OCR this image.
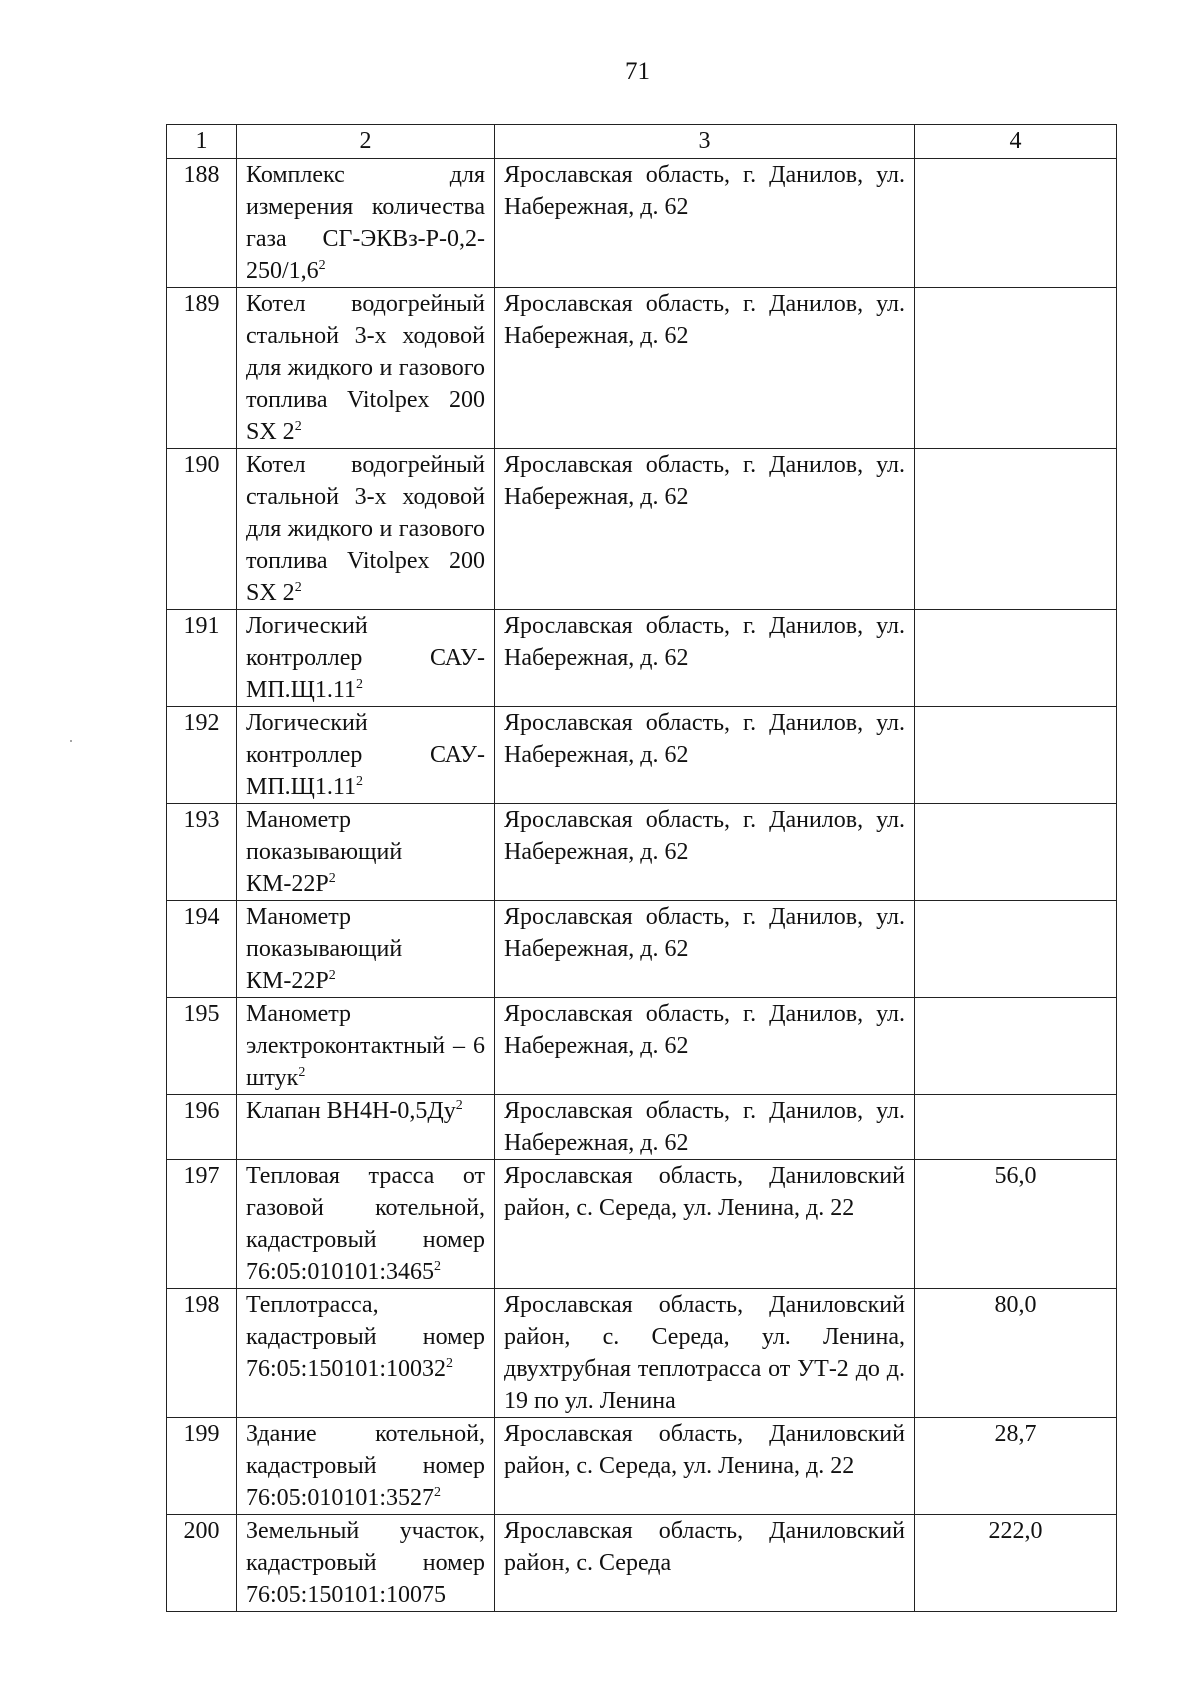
71
1	2	3	4
188	Комплекс для измерения количества газа $СГ-ЭКВз-Р-0,2-250/1,6^2$	Ярославская область, г. Данилов, ул. Набережная, д. 62	
189	Котел водогрейный стальной 3-х ходовой для жидкого и газового топлива Vitolpex 200 SX $2^2$	Ярославская область, г. Данилов, ул. Набережная, д. 62	
190	Котел водогрейный стальной 3-х ходовой для жидкого и газового топлива Vitolpex 200 SX $2^2$	Ярославская область, г. Данилов, ул. Набережная, д. 62	
191	Логический контроллер САУ-МП.Щ1.11$^2$	Ярославская область, г. Данилов, ул. Набережная, д. 62	
192	Логический контроллер САУ-МП.Щ1.11$^2$	Ярославская область, г. Данилов, ул. Набережная, д. 62	
193	Манометр показывающий $КМ-22Р^2$	Ярославская область, г. Данилов, ул. Набережная, д. 62	
194	Манометр показывающий $КМ-22Р^2$	Ярославская область, г. Данилов, ул. Набережная, д. 62	
195	Манометр электроконтактный – 6 штук$^2$	Ярославская область, г. Данилов, ул. Набережная, д. 62	
196	Клапан $ВН4Н-0,5Ду^2$	Ярославская область, г. Данилов, ул. Набережная, д. 62	
197	Тепловая трасса от газовой котельной, кадастровый номер 76:05:010101:3465$^2$	Ярославская область, Даниловский район, с. Середа, ул. Ленина, д. 22	56,0
198	Теплотрасса, кадастровый номер 76:05:150101:10032$^2$	Ярославская область, Даниловский район, с. Середа, ул. Ленина, двухтрубная теплотрасса от УТ-2 до д. 19 по ул. Ленина	80,0
199	Здание котельной, кадастровый номер 76:05:010101:3527$^2$	Ярославская область, Даниловский район, с. Середа, ул. Ленина, д. 22	28,7
200	Земельный участок, кадастровый номер 76:05:150101:10075	Ярославская область, Даниловский район, с. Середа	222,0
